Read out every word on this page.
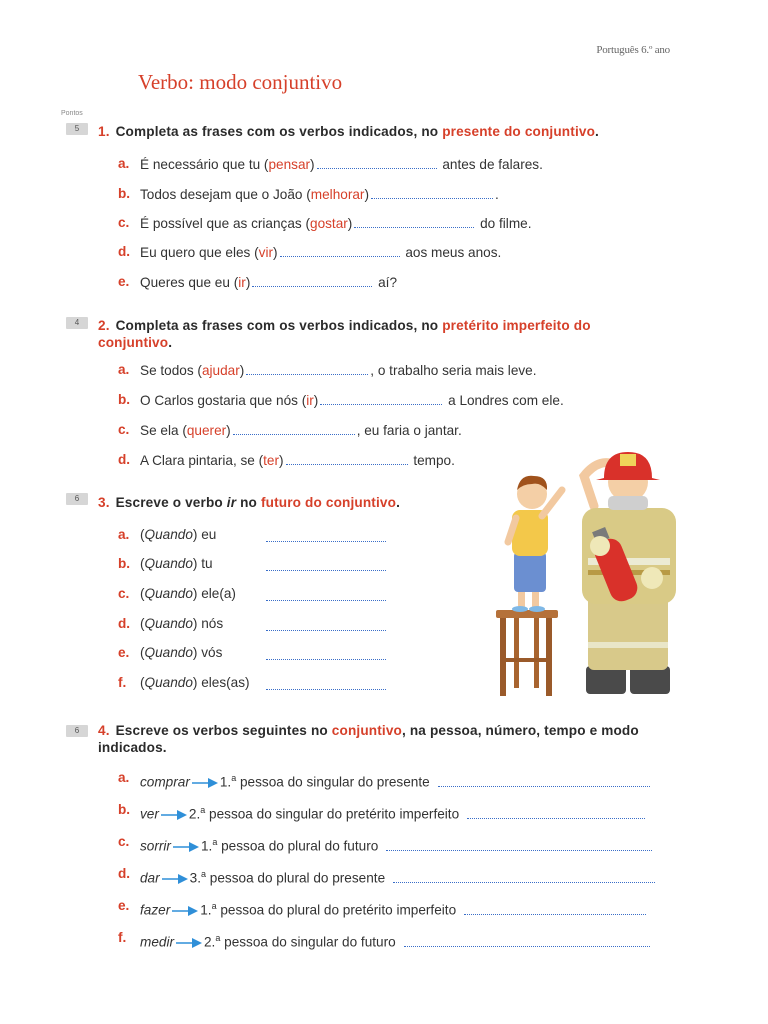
Português 6.º ano
Verbo: modo conjuntivo
Pontos
5	1. Completa as frases com os verbos indicados, no presente do conjuntivo.
a. É necessário que tu (pensar)	antes de falares.
b. Todos desejam que o João (melhorar)	.
c. É possível que as crianças (gostar)	do filme.
d. Eu quero que eles (vir)	aos meus anos.
e. Queres que eu (ir)	aí?
4	2. Completa as frases com os verbos indicados, no pretérito imperfeito do conjuntivo.
a. Se todos (ajudar)	, o trabalho seria mais leve.
b. O Carlos gostaria que nós (ir)	a Londres com ele.
c. Se ela (querer)	, eu faria o jantar.
d. A Clara pintaria, se (ter)	tempo.
6	3. Escreve o verbo ir no futuro do conjuntivo.
a. (Quando) eu
b. (Quando) tu
c. (Quando) ele(a)
d. (Quando) nós
e. (Quando) vós
f. (Quando) eles(as)
6	4. Escreve os verbos seguintes no conjuntivo, na pessoa, número, tempo e modo indicados.
a. comprar 1.$^a$ pessoa do singular do presente
b. ver 2.$^a$ pessoa do singular do pretérito imperfeito
c. sorrir 1.$^a$ pessoa do plural do futuro
d. dar 3.$^a$ pessoa do plural do presente
e. fazer 1.$^a$ pessoa do plural do pretérito imperfeito
f. medir 2.$^a$ pessoa do singular do futuro
